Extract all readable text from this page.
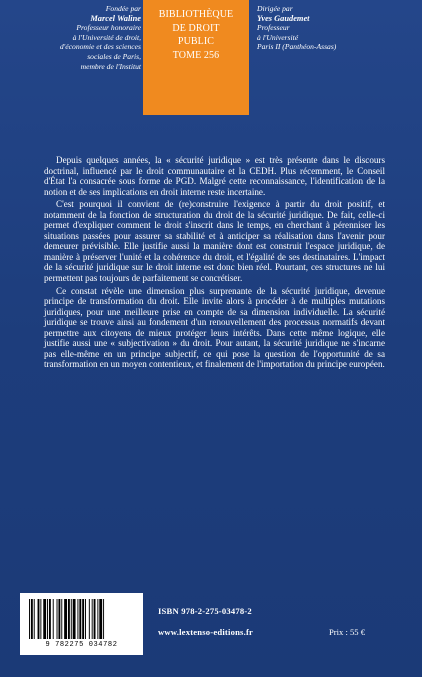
Fondée par
Marcel Waline
Professeur honoraire
à l'Université de droit,
d'économie et des sciences
sociales de Paris,
membre de l'Institut
BIBLIOTHÈQUE
DE DROIT
PUBLIC
TOME 256
Dirigée par
Yves Gaudemet
Professeur
à l'Université
Paris II (Panthéon-Assas)

Depuis quelques années, la « sécurité juridique » est très présente dans le discours doctrinal, influencé par le droit communautaire et la CEDH. Plus récemment, le Conseil d'État l'a consacrée sous forme de PGD. Malgré cette reconnaissance, l'identification de la notion et de ses implications en droit interne reste incertaine.

C'est pourquoi il convient de (re)construire l'exigence à partir du droit positif, et notamment de la fonction de structuration du droit de la sécurité juridique. De fait, celle-ci permet d'expliquer comment le droit s'inscrit dans le temps, en cherchant à pérenniser les situations passées pour assurer sa stabilité et à anticiper sa réalisation dans l'avenir pour demeurer prévisible. Elle justifie aussi la manière dont est construit l'espace juridique, de manière à préserver l'unité et la cohérence du droit, et l'égalité de ses destinataires. L'impact de la sécurité juridique sur le droit interne est donc bien réel. Pourtant, ces structures ne lui permettent pas toujours de parfaitement se concrétiser.

Ce constat révèle une dimension plus surprenante de la sécurité juridique, devenue principe de transformation du droit. Elle invite alors à procéder à de multiples mutations juridiques, pour une meilleure prise en compte de sa dimension individuelle. La sécurité juridique se trouve ainsi au fondement d'un renouvellement des processus normatifs devant permettre aux citoyens de mieux protéger leurs intérêts. Dans cette même logique, elle justifie aussi une « subjectivation » du droit. Pour autant, la sécurité juridique ne s'incarne pas elle-même en un principe subjectif, ce qui pose la question de l'opportunité de sa transformation en un moyen contentieux, et finalement de l'importation du principe européen.

9 782275 034782
ISBN 978-2-275-03478-2
www.lextenso-editions.fr	Prix : 55 €
